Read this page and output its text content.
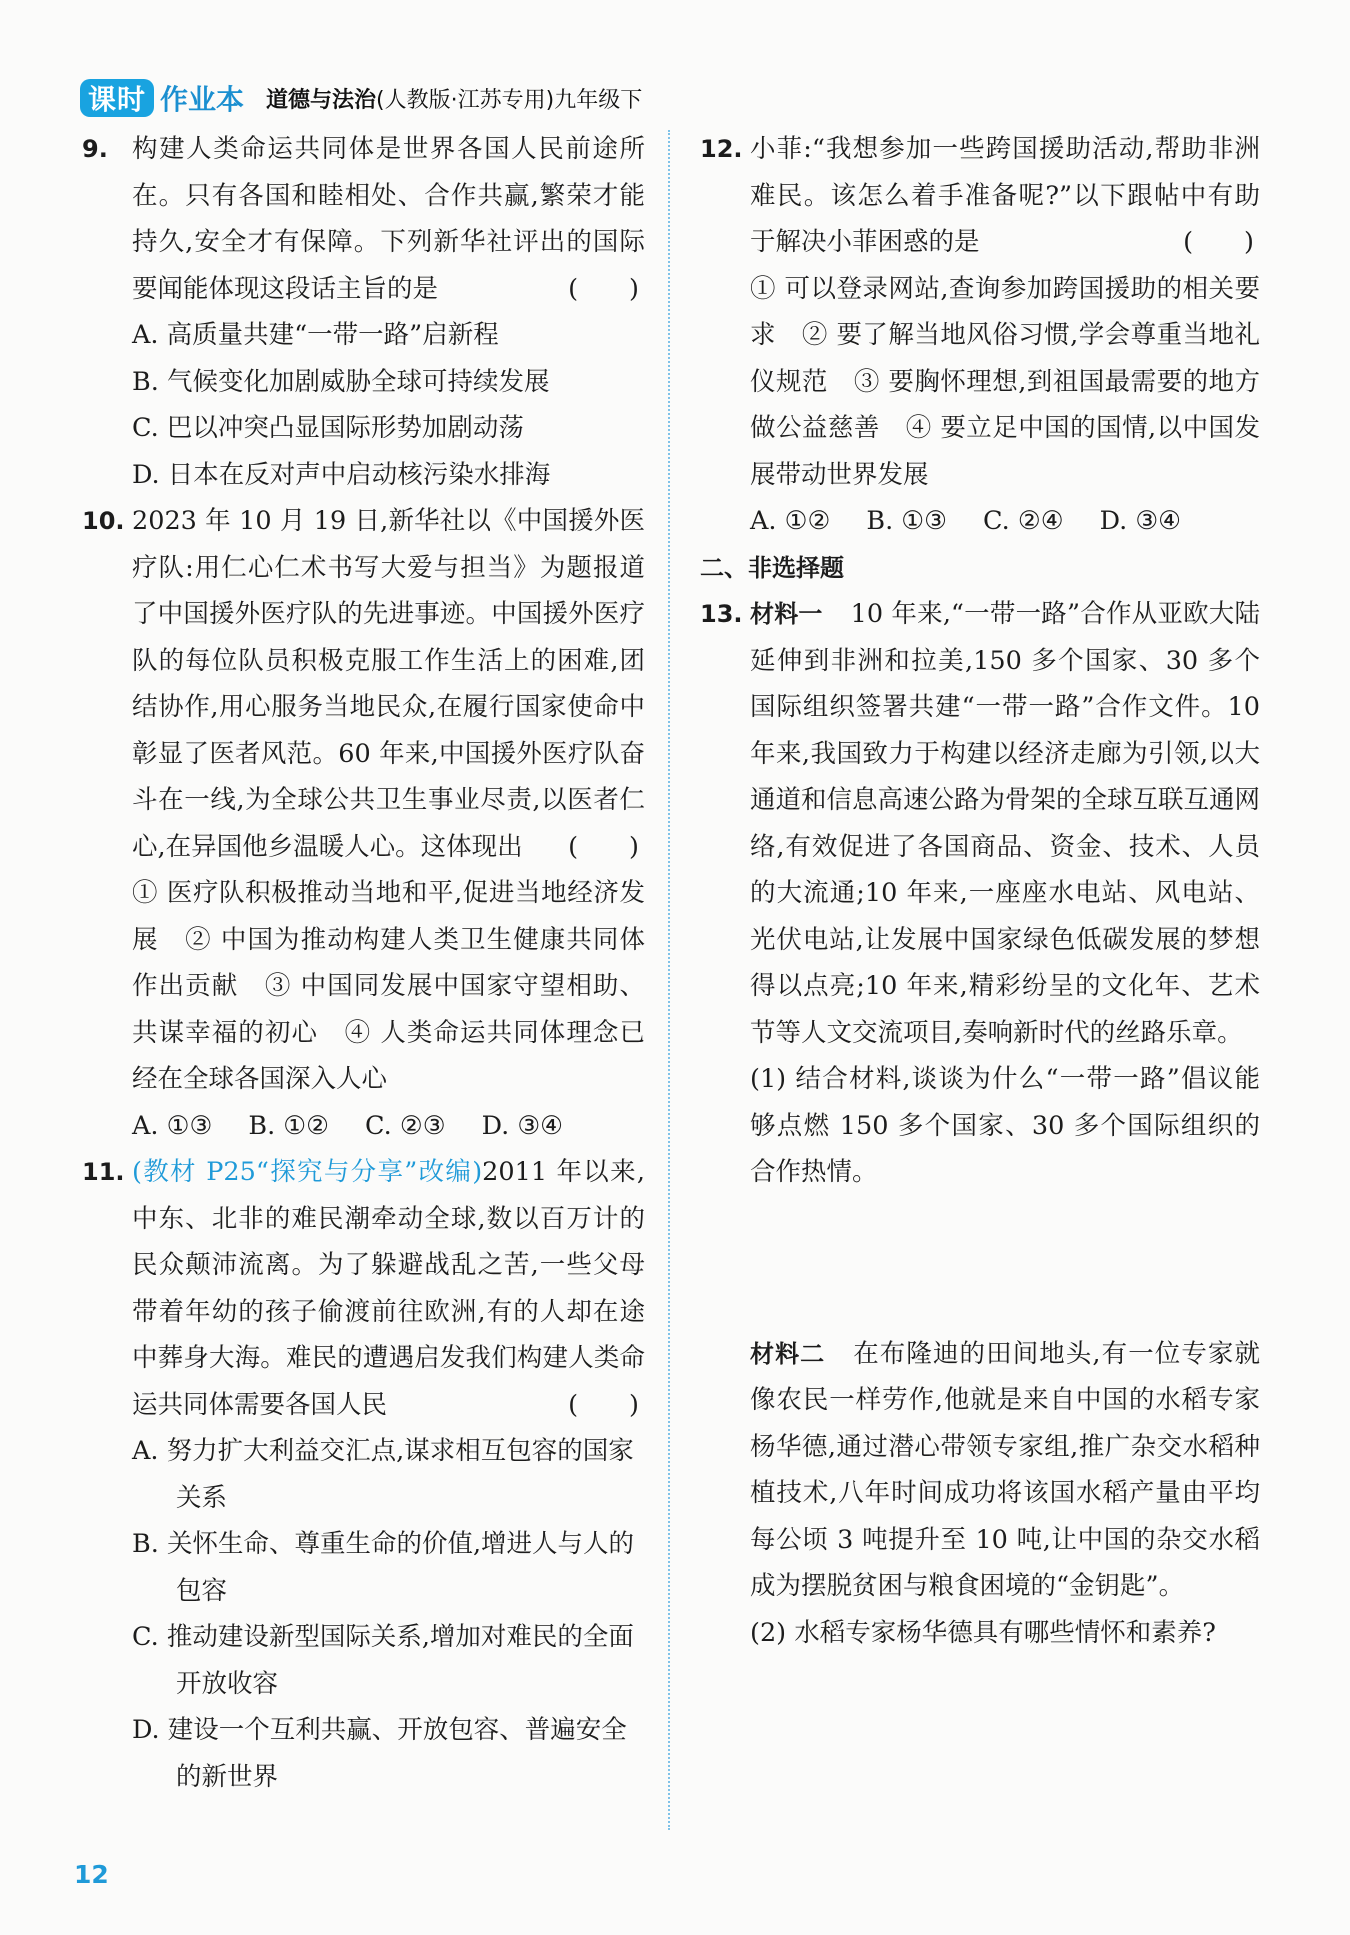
课时 作业本 道德与法治(人教版·江苏专用)九年级下
9. 构建人类命运共同体是世界各国人民前途所在。只有各国和睦相处、合作共赢,繁荣才能持久,安全才有保障。下列新华社评出的国际要闻能体现这段话主旨的是	(　　)
A. 高质量共建“一带一路”启新程
B. 气候变化加剧威胁全球可持续发展
C. 巴以冲突凸显国际形势加剧动荡
D. 日本在反对声中启动核污染水排海
10. 2023 年 10 月 19 日,新华社以《中国援外医疗队:用仁心仁术书写大爱与担当》为题报道了中国援外医疗队的先进事迹。中国援外医疗队的每位队员积极克服工作生活上的困难,团结协作,用心服务当地民众,在履行国家使命中彰显了医者风范。60 年来,中国援外医疗队奋斗在一线,为全球公共卫生事业尽责,以医者仁心,在异国他乡温暖人心。这体现出 (　　)
① 医疗队积极推动当地和平,促进当地经济发展　② 中国为推动构建人类卫生健康共同体作出贡献　③ 中国同发展中国家守望相助、共谋幸福的初心　④ 人类命运共同体理念已经在全球各国深入人心
A. ①③ B. ①② C. ②③ D. ③④
11. (教材 P25“探究与分享”改编)2011 年以来,中东、北非的难民潮牵动全球,数以百万计的民众颠沛流离。为了躲避战乱之苦,一些父母带着年幼的孩子偷渡前往欧洲,有的人却在途中葬身大海。难民的遭遇启发我们构建人类命运共同体需要各国人民	(　　)
A. 努力扩大利益交汇点,谋求相互包容的国家关系
B. 关怀生命、尊重生命的价值,增进人与人的包容
C. 推动建设新型国际关系,增加对难民的全面开放收容
D. 建设一个互利共赢、开放包容、普遍安全的新世界
12. 小菲:“我想参加一些跨国援助活动,帮助非洲难民。该怎么着手准备呢?”以下跟帖中有助于解决小菲困惑的是	(　　)
① 可以登录网站,查询参加跨国援助的相关要求　② 要了解当地风俗习惯,学会尊重当地礼仪规范　③ 要胸怀理想,到祖国最需要的地方做公益慈善　④ 要立足中国的国情,以中国发展带动世界发展
A. ①② B. ①③ C. ②④ D. ③④
二、非选择题
13. 材料一 10 年来,“一带一路”合作从亚欧大陆延伸到非洲和拉美,150 多个国家、30 多个国际组织签署共建“一带一路”合作文件。10 年来,我国致力于构建以经济走廊为引领,以大通道和信息高速公路为骨架的全球互联互通网络,有效促进了各国商品、资金、技术、人员的大流通;10 年来,一座座水电站、风电站、光伏电站,让发展中国家绿色低碳发展的梦想得以点亮;10 年来,精彩纷呈的文化年、艺术节等人文交流项目,奏响新时代的丝路乐章。
(1) 结合材料,谈谈为什么“一带一路”倡议能够点燃 150 多个国家、30 多个国际组织的合作热情。
材料二 在布隆迪的田间地头,有一位专家就像农民一样劳作,他就是来自中国的水稻专家杨华德,通过潜心带领专家组,推广杂交水稻种植技术,八年时间成功将该国水稻产量由平均每公顷 3 吨提升至 10 吨,让中国的杂交水稻成为摆脱贫困与粮食困境的“金钥匙”。
(2) 水稻专家杨华德具有哪些情怀和素养?
12
